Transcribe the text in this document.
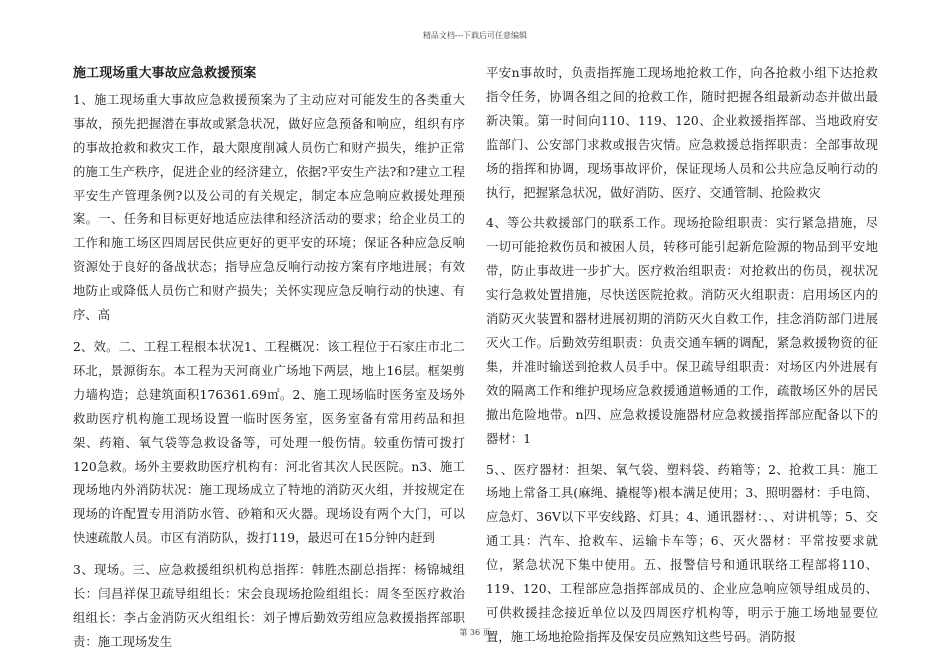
精品文档---下载后可任意编辑
施工现场重大事故应急救援预案

1、施工现场重大事故应急救援预案为了主动应对可能发生的各类重大事故，预先把握潜在事故或紧急状况，做好应急预备和响应，组织有序的事故抢救和救灾工作，最大限度削减人员伤亡和财产损失，维护正常的施工生产秩序，促进企业的经济建立，依据?平安生产法?和?建立工程平安生产管理条例?以及公司的有关规定，制定本应急响应救援处理预案。一、任务和目标更好地适应法律和经济活动的要求；给企业员工的工作和施工场区四周居民供应更好的更平安的环境；保证各种应急反响资源处于良好的备战状态；指导应急反响行动按方案有序地进展；有效地防止或降低人员伤亡和财产损失；关怀实现应急反响行动的快速、有序、高

2、效。二、工程工程根本状况1、工程概况：该工程位于石家庄市北二环北，景源街东。本工程为天河商业广场地下两层，地上16层。框架剪力墙构造；总建筑面积176361.69㎡。2、施工现场临时医务室及场外救助医疗机构施工现场设置一临时医务室，医务室备有常用药品和担架、药箱、氧气袋等急救设备等，可处理一般伤情。较重伤情可拨打120急救。场外主要救助医疗机构有：河北省其次人民医院。n3、施工现场地内外消防状况：施工现场成立了特地的消防灭火组，并按规定在现场的许配置专用消防水管、砂箱和灭火器。现场设有两个大门，可以快速疏散人员。市区有消防队，拨打119，最迟可在15分钟内赶到

3、现场。三、应急救援组织机构总指挥：韩胜杰副总指挥：杨锦城组长：闫昌祥保卫疏导组组长：宋会良现场抢险组组长：周冬至医疗救治组组长：李占金消防灭火组组长：刘子博后勤效劳组应急救援指挥部职责：施工现场发生

平安n事故时，负责指挥施工现场地抢救工作，向各抢救小组下达抢救指令任务，协调各组之间的抢救工作，随时把握各组最新动态并做出最新决策。第一时间向110、119、120、企业救援指挥部、当地政府安监部门、公安部门求救或报告灾情。应急救援总指挥职责：全部事故现场的指挥和协调，现场事故评价，保证现场人员和公共应急反响行动的执行，把握紧急状况，做好消防、医疗、交通管制、抢险救灾

4、等公共救援部门的联系工作。现场抢险组职责：实行紧急措施，尽一切可能抢救伤员和被困人员，转移可能引起新危险源的物品到平安地带，防止事故进一步扩大。医疗救治组职责：对抢救出的伤员，视状况实行急救处置措施，尽快送医院抢救。消防灭火组职责：启用场区内的消防灭火装置和器材进展初期的消防灭火自救工作，挂念消防部门进展灭火工作。后勤效劳组职责：负责交通车辆的调配，紧急救援物资的征集，并准时输送到抢救人员手中。保卫疏导组职责：对场区内外进展有效的隔离工作和维护现场应急救援通道畅通的工作，疏散场区外的居民撤出危险地带。n四、应急救援设施器材应急救援指挥部应配备以下的器材：1

5、、医疗器材：担架、氧气袋、塑料袋、药箱等；2、抢救工具：施工场地上常备工具(麻绳、撬棍等)根本满足使用；3、照明器材：手电筒、应急灯、36V以下平安线路、灯具；4、通讯器材：、、对讲机等；5、交通工具：汽车、抢救车、运输卡车等；6、灭火器材：平常按要求就位，紧急状况下集中使用。五、报警信号和通讯联络工程部将110、119、120、工程部应急指挥部成员的、企业应急响应领导组成员的、可供救援挂念接近单位以及四周医疗机构等，明示于施工场地显要位置，施工场地抢险指挥及保安员应熟知这些号码。消防报

第 36 页
